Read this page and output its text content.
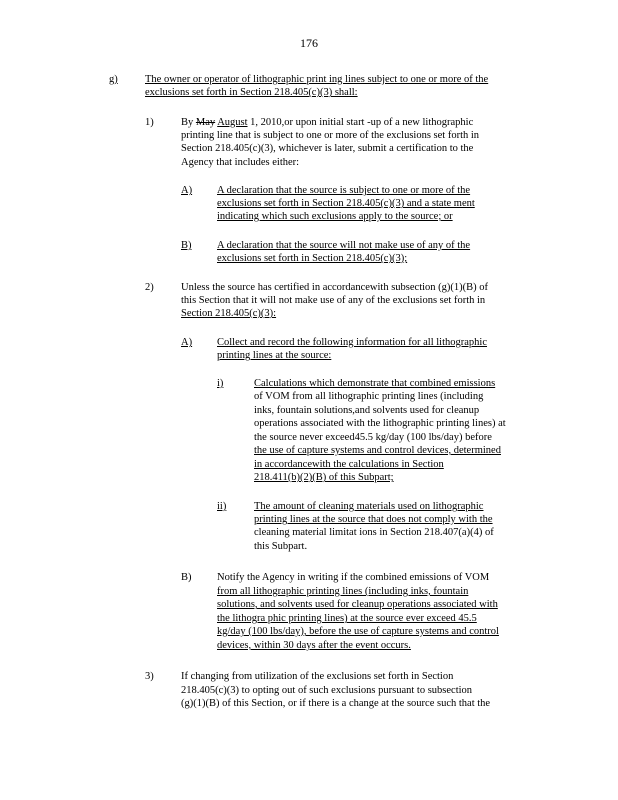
176
g)	The owner or operator of lithographic print ing lines subject to one or more of the
exclusions set forth in Section 218.405(c)(3) shall:
1)	By May August 1, 2010,or upon initial start -up of a new lithographic
printing line that is subject to one or more of the exclusions set forth in
Section 218.405(c)(3), whichever is later, submit a certification to the
Agency that includes either:
A) A declaration that the source is subject to one or more of the
exclusions set forth in Section 218.405(c)(3) and a state ment
indicating which such exclusions apply to the source; or
B) A declaration that the source will not make use of any of the
exclusions set forth in Section 218.405(c)(3);
2)	Unless the source has certified in accordancewith subsection (g)(1)(B) of
this Section that it will not make use of any of the exclusions set forth in
Section 218.405(c)(3):
A) Collect and record the following information for all lithographic
printing lines at the source:
i)	Calculations which demonstrate that combined emissions
of VOM from all lithographic printing lines (including
inks, fountain solutions,and solvents used for cleanup
operations associated with the lithographic printing lines) at
the source never exceed45.5 kg/day (100 lbs/day) before
the use of capture systems and control devices, determined
in accordancewith the calculations in Section
218.411(b)(2)(B) of this Subpart;
ii)	The amount of cleaning materials used on lithographic
printing lines at the source that does not comply with the
cleaning material limitat ions in Section 218.407(a)(4) of
this Subpart.
B) Notify the Agency in writing if the combined emissions of VOM
from all lithographic printing lines (including inks, fountain
solutions, and solvents used for cleanup operations associated with
the lithogra phic printing lines) at the source ever exceed 45.5
kg/day (100 lbs/day), before the use of capture systems and control
devices, within 30 days after the event occurs.
3)	If changing from utilization of the exclusions set forth in Section
218.405(c)(3) to opting out of such exclusions pursuant to subsection
(g)(1)(B) of this Section, or if there is a change at the source such that the
